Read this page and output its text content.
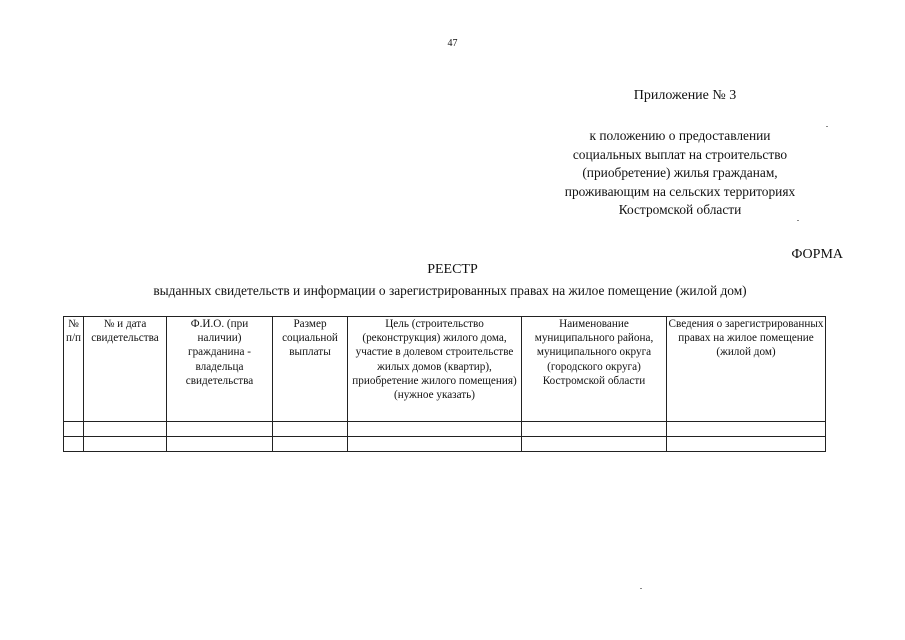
47
Приложение № 3
к положению о предоставлении
социальных выплат на строительство
(приобретение) жилья гражданам,
проживающим на сельских территориях
Костромской области
ФОРМА
РЕЕСТР
выданных свидетельств и информации о зарегистрированных правах на жилое помещение (жилой дом)
№ п/п	№ и дата свидетельства	Ф.И.О. (при наличии) гражданина - владельца свидетельства	Размер социальной выплаты	Цель (строительство (реконструкция) жилого дома, участие в долевом строительстве жилых домов (квартир), приобретение жилого помещения) (нужное указать)	Наименование муниципального района, муниципального округа (городского округа) Костромской области	Сведения о зарегистрированных правах на жилое помещение (жилой дом)
